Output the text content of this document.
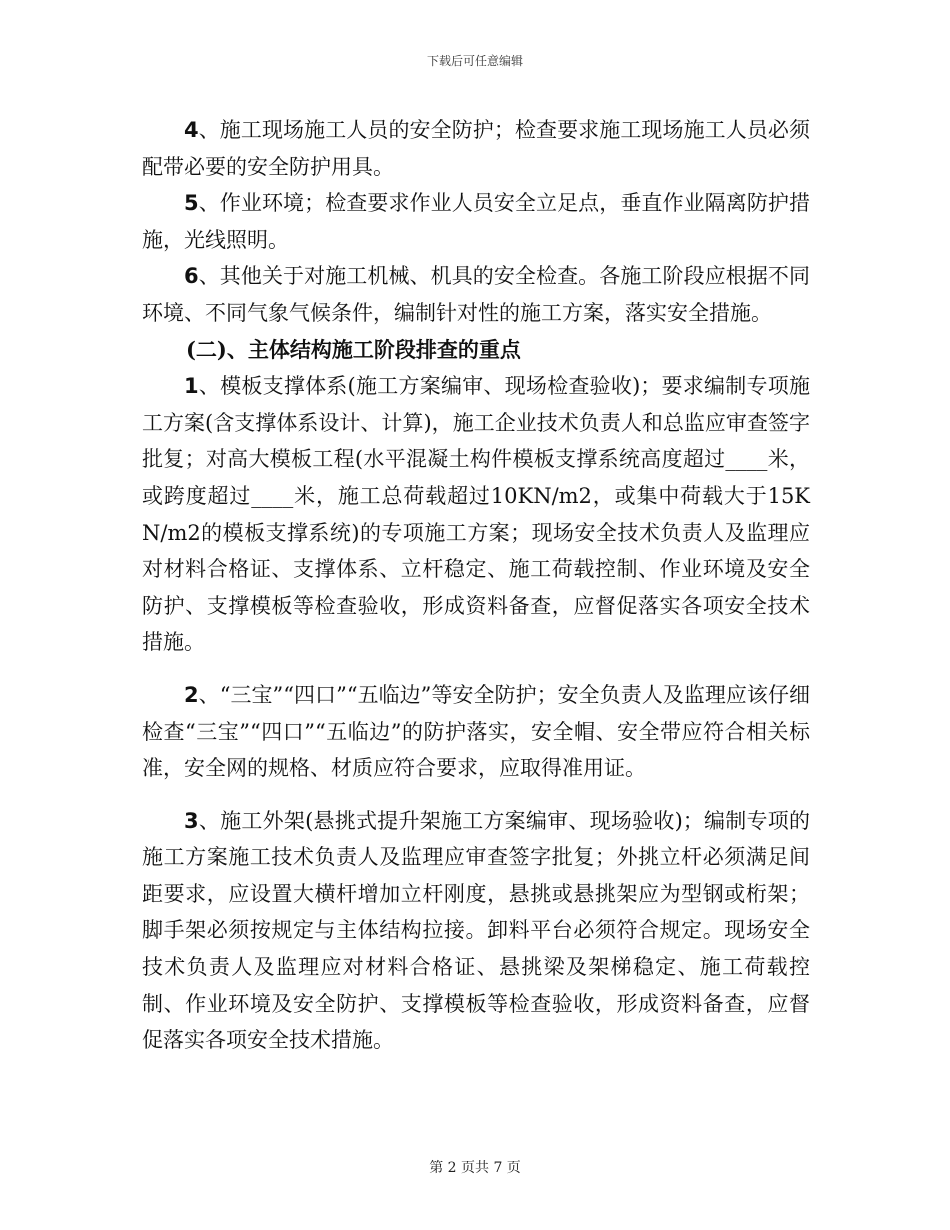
下载后可任意编辑

4、施工现场施工人员的安全防护；检查要求施工现场施工人员必须配带必要的安全防护用具。

5、作业环境；检查要求作业人员安全立足点，垂直作业隔离防护措施，光线照明。

6、其他关于对施工机械、机具的安全检查。各施工阶段应根据不同环境、不同气象气候条件，编制针对性的施工方案，落实安全措施。

(二)、主体结构施工阶段排查的重点

1、模板支撑体系(施工方案编审、现场检查验收)；要求编制专项施工方案(含支撑体系设计、计算)，施工企业技术负责人和总监应审查签字批复；对高大模板工程(水平混凝土构件模板支撑系统高度超过____米，或跨度超过____米，施工总荷载超过10KN/m2，或集中荷载大于15KN/m2的模板支撑系统)的专项施工方案；现场安全技术负责人及监理应对材料合格证、支撑体系、立杆稳定、施工荷载控制、作业环境及安全防护、支撑模板等检查验收，形成资料备查，应督促落实各项安全技术措施。

2、“三宝”“四口”“五临边”等安全防护；安全负责人及监理应该仔细检查“三宝”“四口”“五临边”的防护落实，安全帽、安全带应符合相关标准，安全网的规格、材质应符合要求，应取得准用证。

3、施工外架(悬挑式提升架施工方案编审、现场验收)；编制专项的施工方案施工技术负责人及监理应审查签字批复；外挑立杆必须满足间距要求，应设置大横杆增加立杆刚度，悬挑或悬挑架应为型钢或桁架；脚手架必须按规定与主体结构拉接。卸料平台必须符合规定。现场安全技术负责人及监理应对材料合格证、悬挑梁及架梯稳定、施工荷载控制、作业环境及安全防护、支撑模板等检查验收，形成资料备查，应督促落实各项安全技术措施。

第 2 页共 7 页
